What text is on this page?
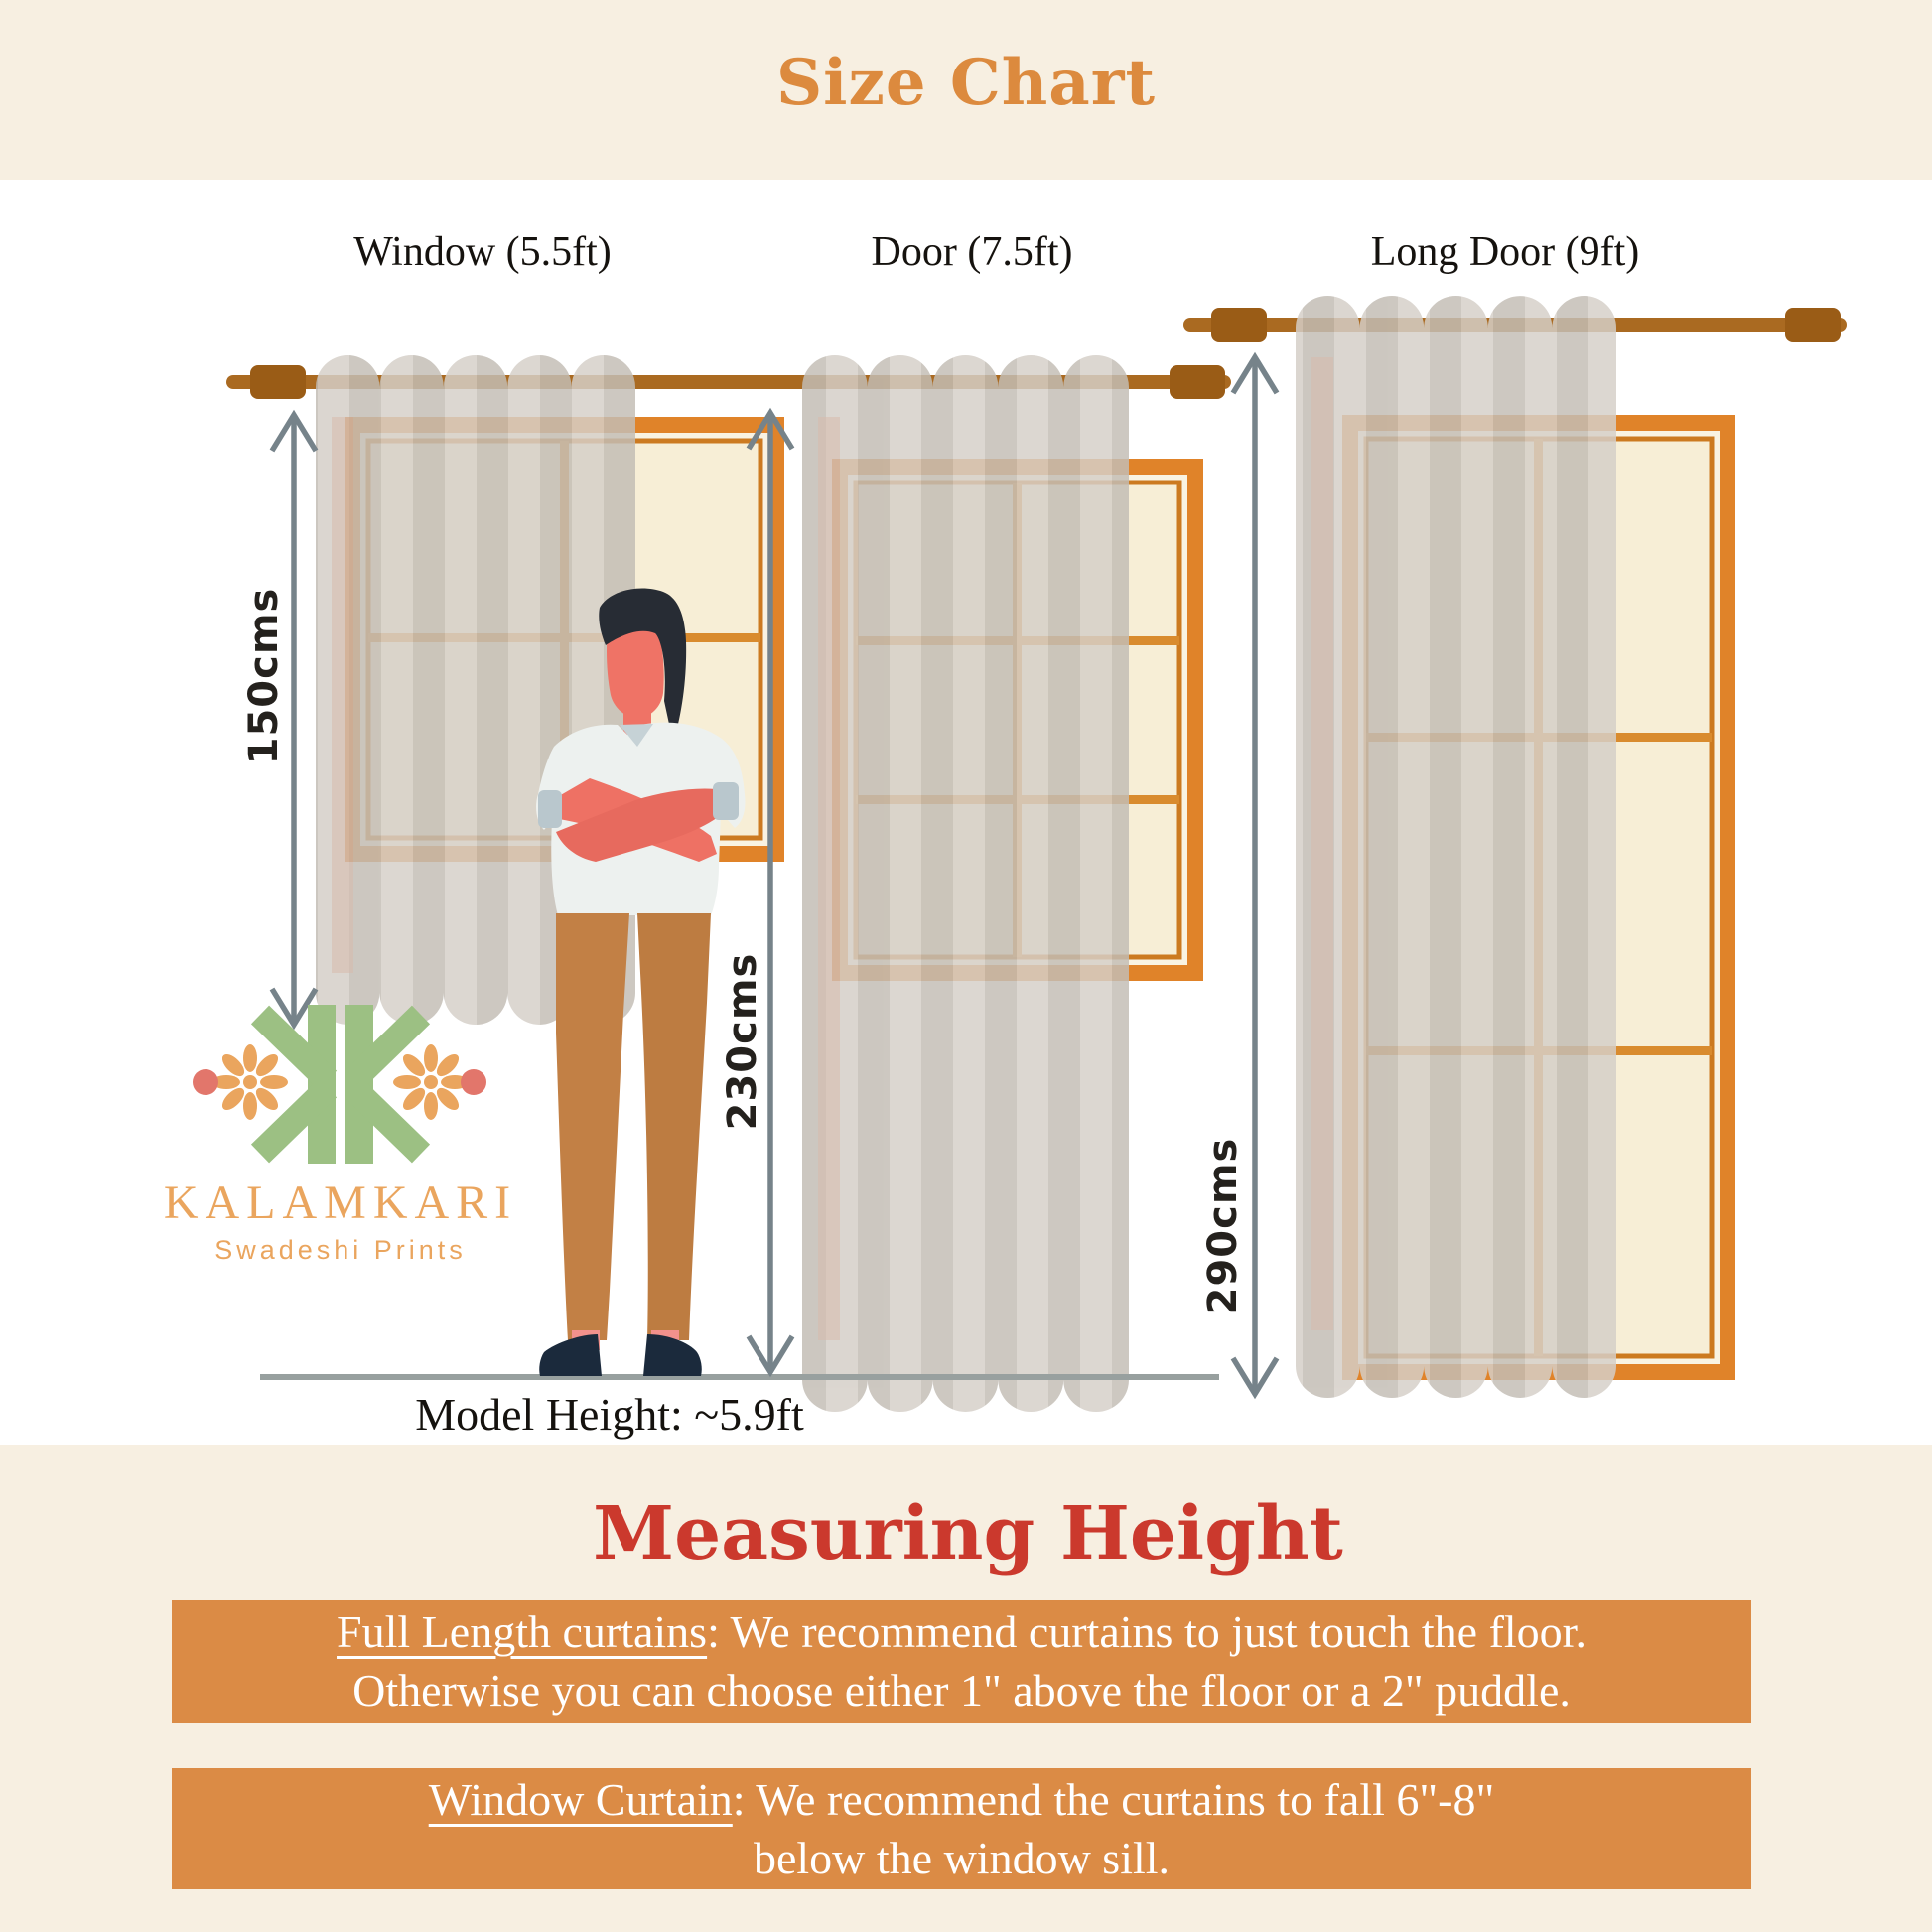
Size Chart
Window (5.5ft)	Door (7.5ft)	Long Door (9ft)
150cms
230cms
290cms
Model Height: ~5.9ft
KALAMKARI
Swadeshi Prints
Measuring Height
Full Length curtains: We recommend curtains to just touch the floor.
Otherwise you can choose either 1" above the floor or a 2" puddle.
Window Curtain: We recommend the curtains to fall 6"-8"
below the window sill.
